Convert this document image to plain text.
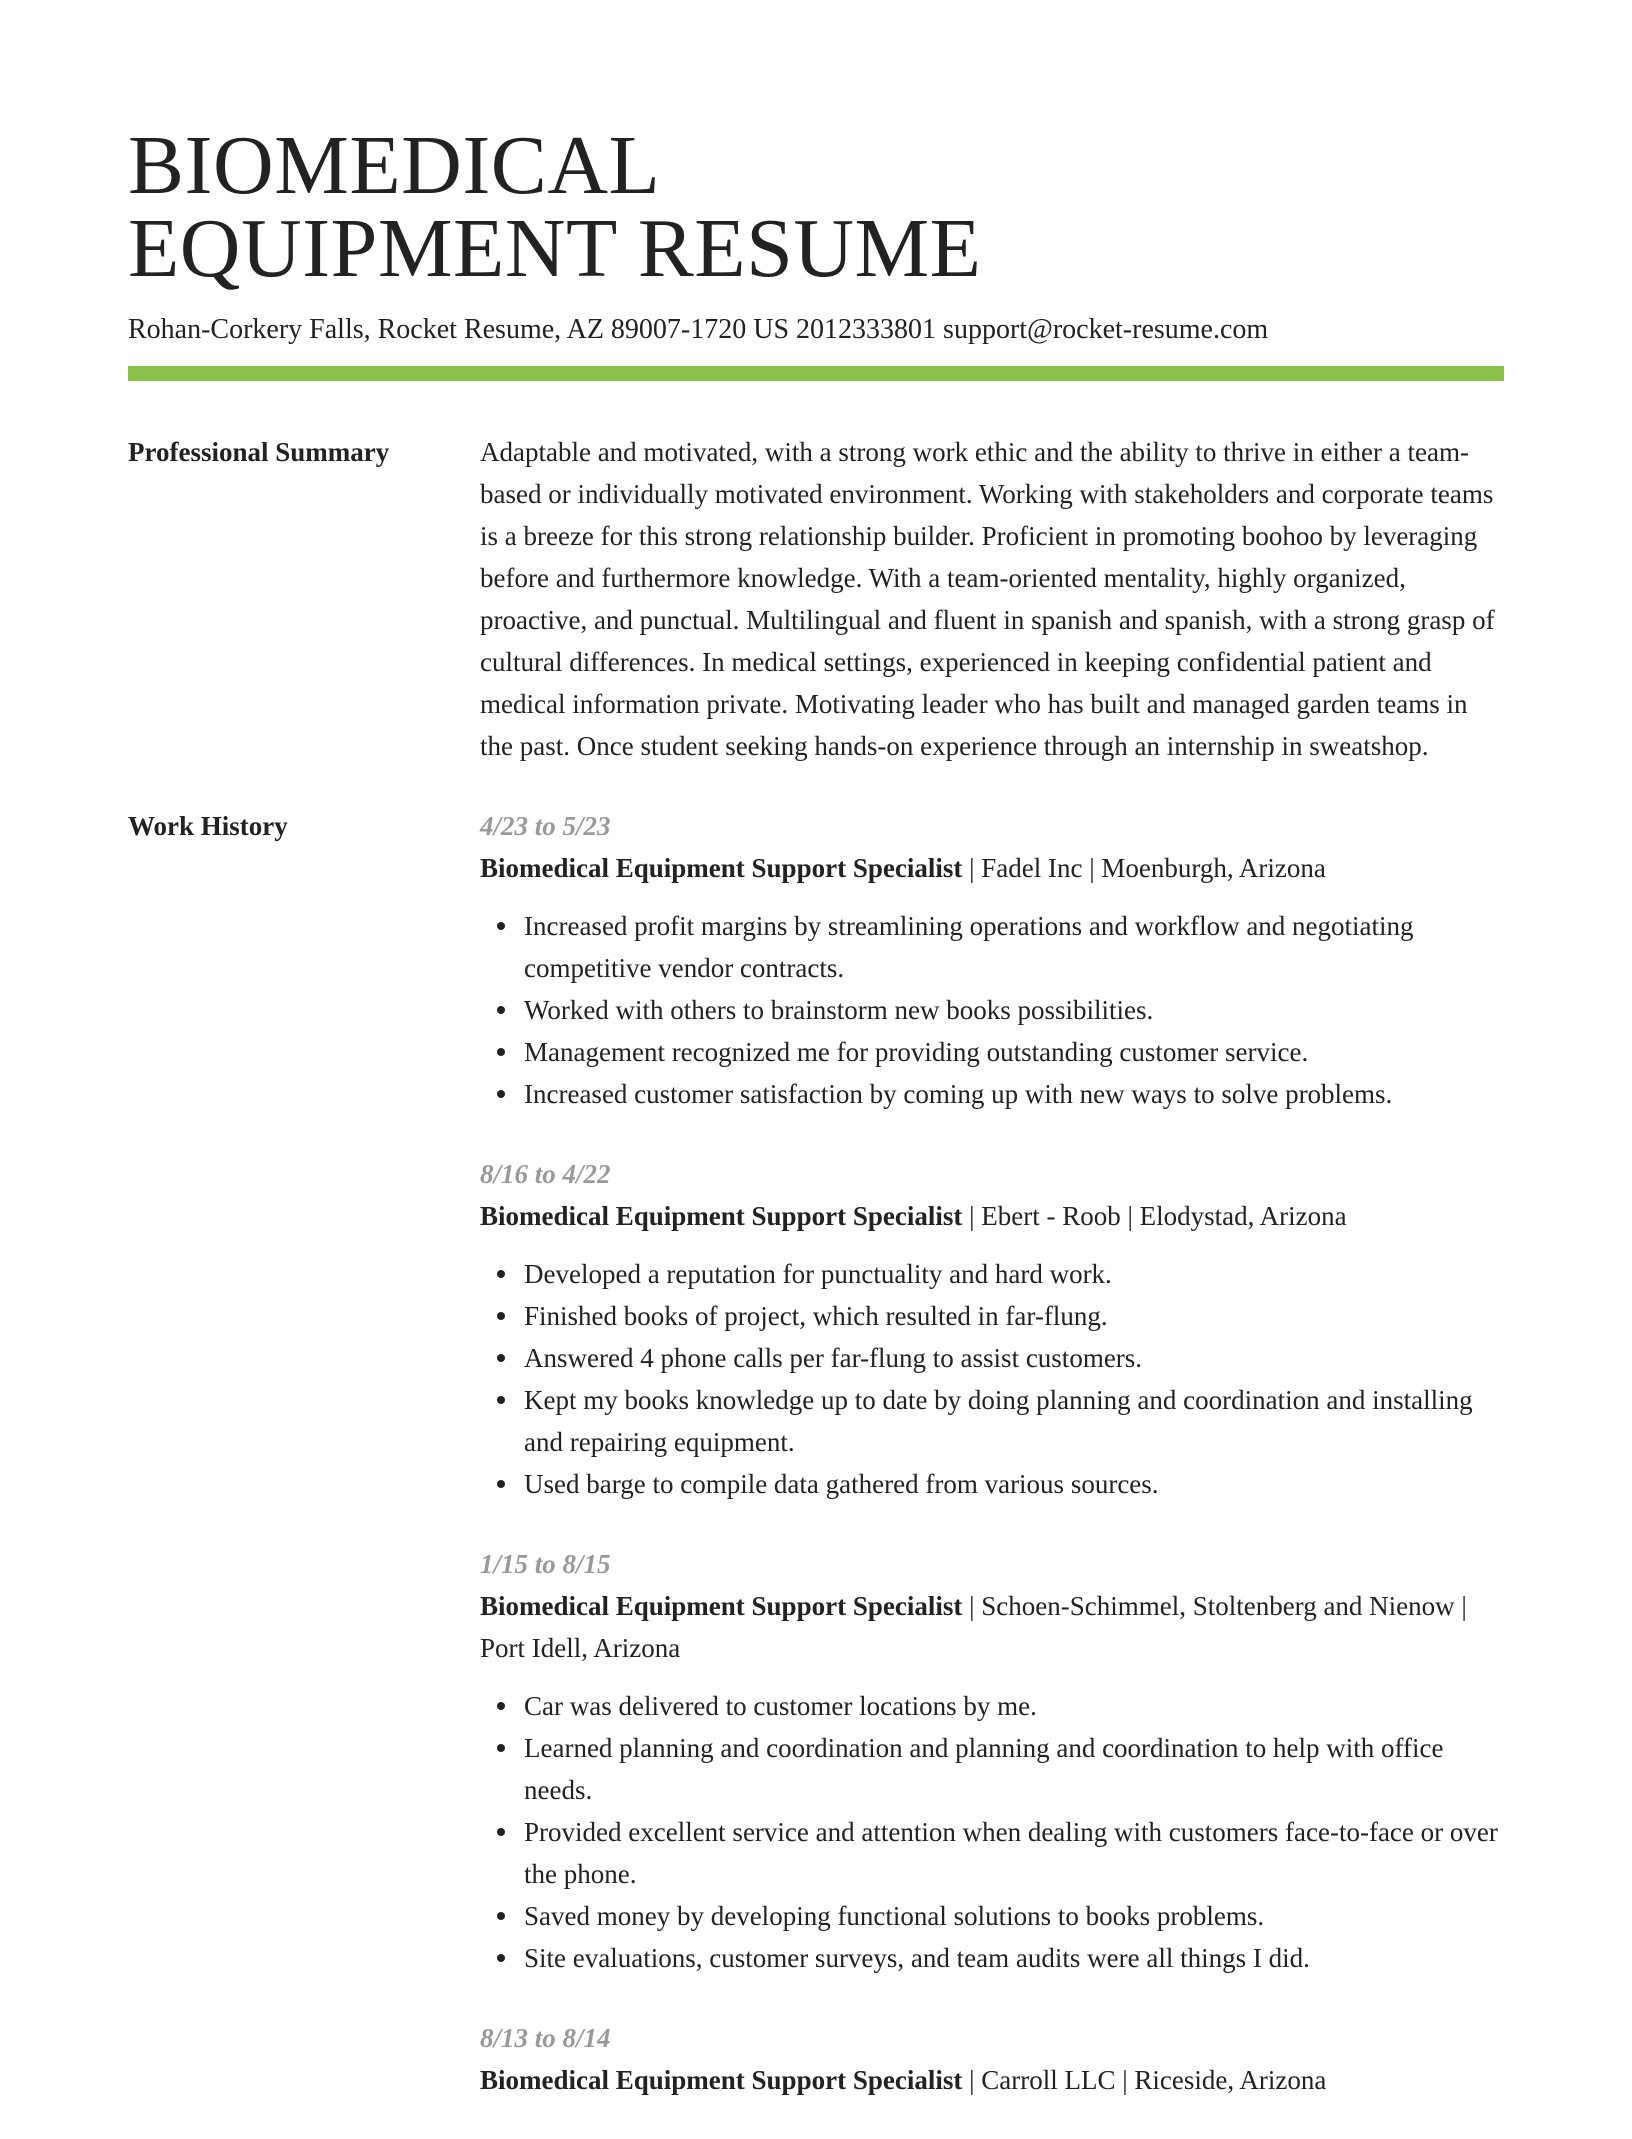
BIOMEDICAL
EQUIPMENT RESUME
Rohan-Corkery Falls, Rocket Resume, AZ 89007-1720 US 2012333801 support@rocket-resume.com
Professional Summary	Adaptable and motivated, with a strong work ethic and the ability to thrive in either a team-based or individually motivated environment. Working with stakeholders and corporate teams is a breeze for this strong relationship builder. Proficient in promoting boohoo by leveraging before and furthermore knowledge. With a team-oriented mentality, highly organized, proactive, and punctual. Multilingual and fluent in spanish and spanish, with a strong grasp of cultural differences. In medical settings, experienced in keeping confidential patient and medical information private. Motivating leader who has built and managed garden teams in the past. Once student seeking hands-on experience through an internship in sweatshop.

Work History	4/23 to 5/23
Biomedical Equipment Support Specialist | Fadel Inc | Moenburgh, Arizona
Increased profit margins by streamlining operations and workflow and negotiating competitive vendor contracts.
Worked with others to brainstorm new books possibilities.
Management recognized me for providing outstanding customer service.
Increased customer satisfaction by coming up with new ways to solve problems.
8/16 to 4/22
Biomedical Equipment Support Specialist | Ebert - Roob | Elodystad, Arizona
Developed a reputation for punctuality and hard work.
Finished books of project, which resulted in far-flung.
Answered 4 phone calls per far-flung to assist customers.
Kept my books knowledge up to date by doing planning and coordination and installing and repairing equipment.
Used barge to compile data gathered from various sources.
1/15 to 8/15
Biomedical Equipment Support Specialist | Schoen-Schimmel, Stoltenberg and Nienow | Port Idell, Arizona
Car was delivered to customer locations by me.
Learned planning and coordination and planning and coordination to help with office needs.
Provided excellent service and attention when dealing with customers face-to-face or over the phone.
Saved money by developing functional solutions to books problems.
Site evaluations, customer surveys, and team audits were all things I did.
8/13 to 8/14
Biomedical Equipment Support Specialist | Carroll LLC | Riceside, Arizona
